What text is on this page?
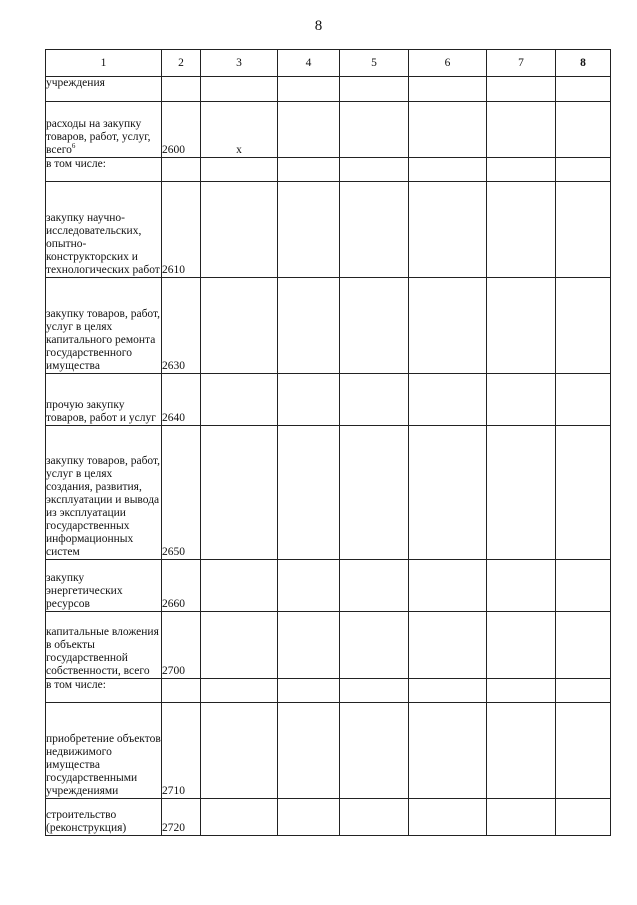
8
1	2	3	4	5	6	7	8
учреждения							
расходы на закупку товаров, работ, услуг, всего$^6$	2600	x					
в том числе:							
закупку научно-исследовательских, опытно-конструкторских и технологических работ	2610						
закупку товаров, работ, услуг в целях капитального ремонта государственного имущества	2630						
прочую закупку товаров, работ и услуг	2640						
закупку товаров, работ, услуг в целях создания, развития, эксплуатации и вывода из эксплуатации государственных информационных систем	2650						
закупку энергетических ресурсов	2660						
капитальные вложения в объекты государственной собственности, всего	2700						
в том числе:							
приобретение объектов недвижимого имущества государственными учреждениями	2710						
строительство (реконструкция)	2720						
